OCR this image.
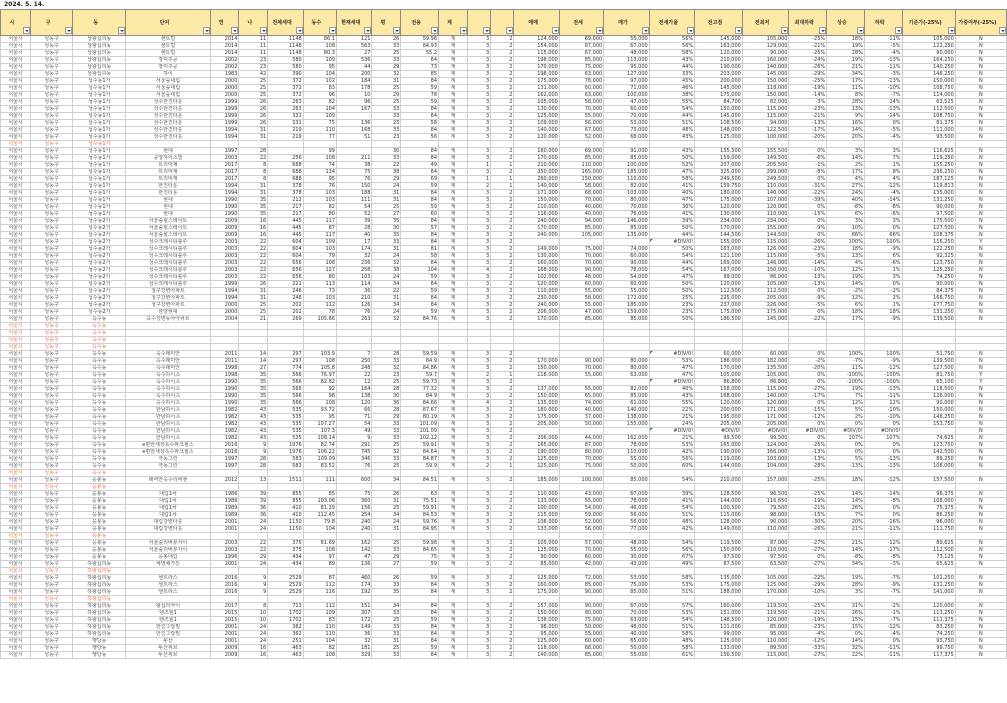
2024. 5. 14.
시	구	동	단지	연	나	전체세대	동수	현재세대	평	전용	계			매매	전세	매가	전세가율	전고점	전최저	최대하락	상승	하락	기준가(-25%)	가중여부(-25%)

서울시	성동구	상왕십리동	센트럴	2014	11	1148	86.1	121	26	59.96	계	3	2	124,000	69,000	55,000	56%	145,000	105,000	-25%	18%	-11%	105,000	N
서울시	성동구	상왕십리동	센트럴	2014	11	1148	108	563	33	84.93	계	3	2	154,000	87,000	67,000	56%	163,000	129,000	-21%	19%	-5%	122,250	N
서울시	성동구	상왕십리동	센트럴	2014	11	1148	80.3	27	25	55.2	계	3	2	115,000	67,000	48,000	58%	120,000	90,000	-25%	28%	-4%	90,000	N
서울시	성동구	상왕십리동	장미주공	2002	23	580	109	536	33	84	계	3	2	198,000	85,000	113,000	43%	210,000	160,000	-24%	19%	-13%	164,250	N
서울시	성동구	상왕십리동	장미주공	2002	23	580	95	44	29	73	계	3	2	170,000	75,000	95,000	44%	190,000	140,000	-26%	21%	-11%	140,250	N
서울시	성동구	상왕십리동	하이	1983	42	390	104	200	32	85	계	3	2	198,000	63,000	127,000	33%	203,000	145,000	-29%	34%	-3%	146,250	N
서울시	성동구	성수동1가	서울숲대림	2000	25	372	102	184	31	84	계	3	2	175,000	78,000	97,000	45%	200,000	150,000	-25%	17%	-13%	150,000	N
서울시	성동구	성수동1가	서울숲대림	2000	25	372	83	178	25	59	계	3	2	131,000	60,000	71,000	46%	145,000	118,000	-19%	11%	-10%	108,750	N
서울시	성동구	성수동1가	서울숲대림	2000	25	372	96	10	29	78	계	3	2	162,000	63,000	100,000	38%	175,000	150,000	-14%	8%	-7%	114,000	N
서울시	성동구	성수동1가	성수한진타운	1999	26	263	82	96	25	59	계	3	2	105,000	58,000	47,000	55%	84,700	82,000	-3%	28%	24%	63,525	N
서울시	성동구	성수동1가	성수한진타운	1999	26	263	104	167	33	84	계	3	2	130,000	70,000	60,000	54%	150,000	115,000	-23%	13%	-13%	112,500	N
서울시	성동구	성수동1가	성수한진타운	1999	26	331	109		33	84	계	3	2	125,000	55,000	70,000	44%	145,000	115,000	-21%	9%	-14%	108,750	N
서울시	성동구	성수동1가	성수한진타운	1999	26	331	75	136	23	58	계	3	2	109,000	56,000	53,000	51%	108,500	94,000	-13%	16%	0%	81,375	N
서울시	성동구	성수동1가	성수한진타운	1994	31	219	110	168	33	84	계	3	2	140,000	67,000	73,000	48%	148,000	122,500	-17%	14%	-5%	111,000	N
서울시	성동구	성수동1가	성수한진타운	1994	31	219	77	51	23	56	계	3	2	120,000	52,000	68,000	43%	125,000	100,000	-20%	20%	-4%	93,500	N
서울시	성동구	성수동1가																						
서울시	성동구	성수동1가	현대	1997	28		99		30	84	계	3	2	160,000	69,000	91,000	43%	155,500	155,500	0%	3%	3%	116,625	N
서울시	성동구	성수동1가	중앙하이츠빌	2003	22	256	108	211	33	84	계	3	2	170,000	85,000	85,000	50%	159,000	149,500	-6%	14%	7%	119,250	N
서울시	성동구	성수동1가	트리마제	2017	8	688	74	38	22	49	계	1	1	210,000	110,000	100,000	52%	207,000	205,500	-1%	2%	1%	155,250	N
서울시	성동구	성수동1가	트리마제	2017	8	688	134	75	38	84	계	3	2	350,000	165,000	185,000	47%	325,000	299,000	-8%	17%	8%	236,250	N
서울시	성동구	성수동1가	트리마제	2017	8	688	95	76	29	69	계	1	1	260,000	150,000	110,000	58%	249,500	249,500	0%	4%	4%	187,125	N
서울시	성동구	성수동1가	한진타운	1994	31	378	76	150	24	59	계	2	1	140,000	58,000	82,000	41%	159,750	110,000	-31%	27%	-12%	119,813	N
서울시	성동구	성수동1가	한진타운	1994	31	378	103	188	31	84	계	3	2	171,000	68,000	103,000	40%	180,000	140,000	-22%	24%	-4%	135,000	N
서울시	성동구	성수동1가	현대	1990	35	212	103	111	31	84	계	3	2	150,000	70,000	80,000	47%	175,000	107,000	-39%	40%	-14%	131,250	N
서울시	성동구	성수동1가	현대	1990	35	217	82	54	25	59	계	3	2	110,000	40,000	70,000	36%	120,000	120,000	0%	-8%	-8%	90,000	N
서울시	성동구	성수동1가	현대	1990	35	217	80	52	27	60	계	3	2	116,000	40,000	76,000	41%	130,000	110,000	-15%	6%	-6%	97,500	N
서울시	성동구	성수동2가	서울숲힐스테이트	2009	16	445	117	39	35	84	계	3	2	240,000	94,000	146,000	39%	234,000	234,000	0%	3%	3%	175,500	N
서울시	성동구	성수동2가	서울숲힐스테이트	2009	16	445	87	28	30	57	계	3	2	170,000	85,000	85,000	50%	170,000	155,000	-9%	10%	0%	127,500	N
서울시	성동구	성수동2가	서울숲힐스테이트	2009	16	445	117	40	35	84	계	3	2	240,000	105,000	135,000	44%	144,500	144,500	0%	66%	66%	108,375	N
서울시	성동구	성수동2가	성수크레시티블루	2003	22	604	109	17	33	84	계	3	2				#DIV/0!	155,000	115,000	-26%	100%	100%	116,250	Y
서울시	성동구	성수동2가	성수크레시티블루	2003	22	604	103	174	31	81	계	3	2	149,000	75,000	74,000	50%	163,000	126,000	-23%	18%	-9%	122,250	N
서울시	성동구	성수동2가	성수크레시티블루	2003	22	604	79	32	24	58	계	3	2	130,000	70,000	60,000	54%	121,100	115,000	-5%	13%	6%	92,325	N
서울시	성동구	성수동2가	성수크레시티블루	2003	22	656	108	236	32	84	계	3	2	160,000	70,000	90,000	44%	169,000	146,000	-14%	4%	-6%	123,750	N
서울시	성동구	성수동2가	성수크레시티블루	2003	22	656	127	258	38	104	계	4	2	168,000	90,000	78,000	54%	167,000	150,000	-10%	12%	1%	125,250	N
서울시	성동구	성수동2가	성수크레시티블루	2003	22	656	80	103	24	59	계	3	2	102,000	48,000	54,000	47%	99,000	86,000	-13%	19%	3%	74,250	N
서울시	성동구	성수동2가	성수크레시티블루	1999	26	221	113	114	34	84	계	3	2	120,000	60,000	60,000	50%	120,000	105,000	-13%	14%	0%	90,000	N
서울시	성동구	성수동2가	청구강변아파트	1994	31	246	73	36	22	59	계	3	2	110,000	55,000	55,000	50%	112,500	112,500	0%	-2%	-2%	84,375	N
서울시	성동구	성수동2가	청구강변아파트	1994	31	246	103	210	31	84	계	3	2	230,000	58,000	172,000	25%	225,000	205,000	-9%	12%	2%	168,750	N
서울시	성동구	성수동2가	청구강변아파트	2000	25	202	112	126	34	84	계	3	2	240,000	55,000	185,000	23%	237,000	226,000	-5%	6%	1%	177,750	N
서울시	성동구	성수동2가	한양현대	2000	25	202	78	76	24	59	계	3	2	206,000	47,000	159,000	23%	175,000	175,000	0%	18%	18%	131,250	N
서울시	성동구	옥수동	옥수강변동아아파트	2004	21	269	105.86	263	32	84.76	계	3	2	170,000	85,000	85,000	50%	186,500	145,000	-22%	17%	-9%	139,500	N
서울시	성동구	옥수동																						
서울시	성동구	옥수동																						
서울시	성동구	옥수동																						
서울시	성동구	옥수동																						
서울시	성동구	옥수동	옥수래미안	2011	14	297	103.9	7	28	59.59	계	3	2				#DIV/0!	60,000	60,000	0%	100%	100%	51,750	N
서울시	성동구	옥수동	옥수래미안	2011	14	297	108	250	33	84.9	계	3	2	170,000	90,000	80,000	53%	186,000	182,000	-2%	-7%	-9%	139,500	N
서울시	성동구	옥수동	옥수래미안	1998	27	774	105.8	248	32	84.86	계	3	2	150,000	70,000	80,000	47%	170,000	135,500	-20%	11%	-12%	127,500	N
서울시	성동구	옥수동	옥수하이츠	1998	35	566	76.97	22	23	59.7	계	2	1	118,000	55,000	63,000	47%	105,000	105,000	0%	-100%	-100%	81,750	Y
서울시	성동구	옥수동	옥수하이츠	1990	35	566	82.82	12	25	59.73	계	3	2				#DIV/0!	86,800	86,800	0%	-100%	-100%	65,100	Y
서울시	성동구	옥수동	옥수하이츠	1990	35	566	92	164	28	77.32	계	3	2	137,000	55,000	82,000	40%	158,000	115,000	-27%	19%	-13%	118,500	N
서울시	성동구	옥수동	옥수하이츠	1990	35	566	98	138	30	84.9	계	3	2	150,000	65,000	85,000	43%	168,000	140,000	-17%	7%	-11%	126,000	N
서울시	성동구	옥수동	옥수하이츠	1990	35	566	108	120	36	84.66	계	4	2	135,000	74,000	61,000	55%	120,000	120,000	0%	12%	12%	90,000	N
서울시	성동구	옥수동	한남하이츠	1982	43	535	93.72	66	28	87.67	계	3	2	180,000	40,000	140,000	22%	200,000	171,000	-15%	5%	-10%	150,000	N
서울시	성동구	옥수동	한남하이츠	1982	43	535	95	71	29	80.19	계	3	2	175,000	37,000	138,000	21%	195,000	171,000	-12%	2%	-10%	146,250	N
서울시	성동구	옥수동	한남하이츠	1982	43	535	107.27	54	33	101.09	계	3	2	205,000	50,000	155,000	24%	205,000	205,000	0%	0%	0%	153,750	N
서울시	성동구	옥수동	한남하이츠	1982	43	535	107.3	49	33	101.09	계	3	2				#DIV/0!	#DIV/0!	#DIV/0!	#DIV/0!	#DIV/0!	#DIV/0!		N
서울시	성동구	옥수동	한남하이츠	1982	43	535	108.14	9	33	102.12	계	3	2	206,000	44,000	162,000	21%	99,500	99,500	0%	107%	107%	74,625	N
서울시	성동구	옥수동	e편한세상옥수파크힐스	2016	9	1976	82.74	291	25	59.91	계	3	2	165,000	87,000	78,000	53%	165,000	124,000	-25%	0%	0%	123,750	N
서울시	성동구	옥수동	e편한세상옥수파크힐스	2016	9	1976	106.22	745	32	84.64	계	3	2	190,000	80,000	110,000	42%	190,000	166,000	-13%	0%	0%	142,500	N
서울시	성동구	옥수동	극동그린	1997	28	583	109.09	346	33	84.87	계	3	2	125,000	70,000	55,000	56%	119,000	103,000	-13%	5%	-13%	89,250	N
서울시	성동구	옥수동	극동그린	1997	28	583	83.52	76	25	59.9	계	2	1	125,000	75,000	50,000	60%	144,000	104,000	-28%	-13%	-13%	108,000	N
서울시	성동구	옥수동																						
서울시	성동구	응봉동	래미안옥수리버젠	2012	13	1511	111	600	34	84.51	계	3	2	185,000	100,000	85,000	54%	210,000	157,000	-25%	18%	-12%	157,500	N
서울시	성동구	응봉동																						
서울시	성동구	응봉동	대림1차	1986	39	855	85	75	26	63	계	3	2	110,000	43,000	67,000	39%	128,500	96,500	-25%	14%	-14%	96,375	N
서울시	성동구	응봉동	대림1차	1986	39	855	103.06	360	31	75.51	계	3	2	133,000	55,000	78,000	41%	144,000	116,650	-19%	14%	-8%	108,000	N
서울시	성동구	응봉동	대림1차	1989	36	410	81.29	156	25	59.91	계	3	2	100,000	54,000	46,000	54%	100,500	79,500	-21%	26%	0%	75,375	N
서울시	성동구	응봉동	대림1차	1989	36	410	112.45	254	34	84.53	계	3	2	115,000	59,000	56,000	51%	115,000	98,000	-15%	7%	0%	86,250	N
서울시	성동구	응봉동	대림강변타운	2001	24	1150	79.8	240	24	59.76	계	3	2	108,000	52,000	56,000	48%	128,000	90,000	-30%	20%	-16%	96,000	N
서울시	성동구	응봉동	대림강변타운	2001	24	1150	104	240	31	84.95	계	3	2	133,000	56,000	77,000	42%	149,000	110,000	-26%	21%	-11%	111,750	N
서울시	성동구	응봉동																						
서울시	성동구	응봉동	서울숲리버뷰자이	2003	22	375	81.69	162	25	59.98	계	3	2	105,000	57,000	48,000	54%	119,500	87,000	-27%	21%	-12%	89,625	N
서울시	성동구	응봉동	서울숲리버뷰자이	2003	22	375	108	142	33	84.65	계	3	2	125,000	70,000	55,000	56%	150,000	110,000	-27%	14%	-17%	112,500	N
서울시	성동구	응봉동	응봉대림	1996	29	434	97	47	29	75	계	3	2	90,000	60,000	30,000	67%	97,500	97,500	0%	-8%	-8%	73,125	N
서울시	성동구	하왕십리동	세영채가든	2001	24	434	89	136	27	59	계	3	2	85,000	42,000	43,000	49%	87,500	63,500	-27%	34%	-3%	65,625	N
서울시	성동구	하왕십리동																						
서울시	성동구	하왕십리동	센트라스	2016	9	2529	87	460	26	59	계	3	2	125,000	72,000	53,000	58%	135,000	105,000	-22%	19%	-7%	101,250	N
서울시	성동구	하왕십리동	센트라스	2016	9	2529	112	174	33	84	계	3	2	160,000	85,000	75,000	53%	175,000	125,000	-29%	28%	-9%	131,250	N
서울시	성동구	하왕십리동	센트라스	2016	9	2529	116	192	35	84	계	3	2	175,000	90,000	85,000	51%	188,000	170,000	-10%	3%	-7%	141,000	N
서울시	성동구	하왕십리동																						
서울시	성동구	하왕십리동	왕십리자이	2017	8	713	112	151	34	84	계	3	2	157,000	90,000	67,000	57%	160,000	119,500	-25%	31%	-2%	120,000	N
서울시	성동구	하왕십리동	텐즈힐1	2015	10	1702	109	307	33	84	계	3	2	150,000	80,000	70,000	53%	151,000	119,500	-21%	26%	-1%	113,250	N
서울시	성동구	하왕십리동	텐즈힐1	2015	10	1702	83	172	25	59	계	3	2	138,000	75,000	63,000	54%	148,500	120,000	-19%	15%	-7%	111,375	N
서울시	성동구	하왕십리동	한진그랑빌	2001	24	362	110	149	33	84	계	3	2	98,000	50,000	48,000	51%	111,000	85,000	-23%	15%	-12%	83,250	N
서울시	성동구	하왕십리동	한진그랑빌	2001	24	362	110	36	33	84	계	3	2	95,000	55,000	40,000	58%	99,000	95,000	-4%	0%	-4%	74,250	N
서울시	성동구	행당동	두산	2001	24	251	104	32	31	84	계	3	2	125,000	60,000	65,000	48%	125,000	110,000	-12%	14%	0%	93,750	N
서울시	성동구	행당동	두산위브	2009	16	463	82	181	25	59	계	3	2	118,000	68,000	50,000	58%	133,000	89,500	-33%	32%	-11%	99,750	N
서울시	성동구	행당동	두산위브	2009	16	463	108	329	33	84	계	3	2	140,000	85,000	55,000	61%	156,500	115,000	-27%	22%	-11%	117,375	N
